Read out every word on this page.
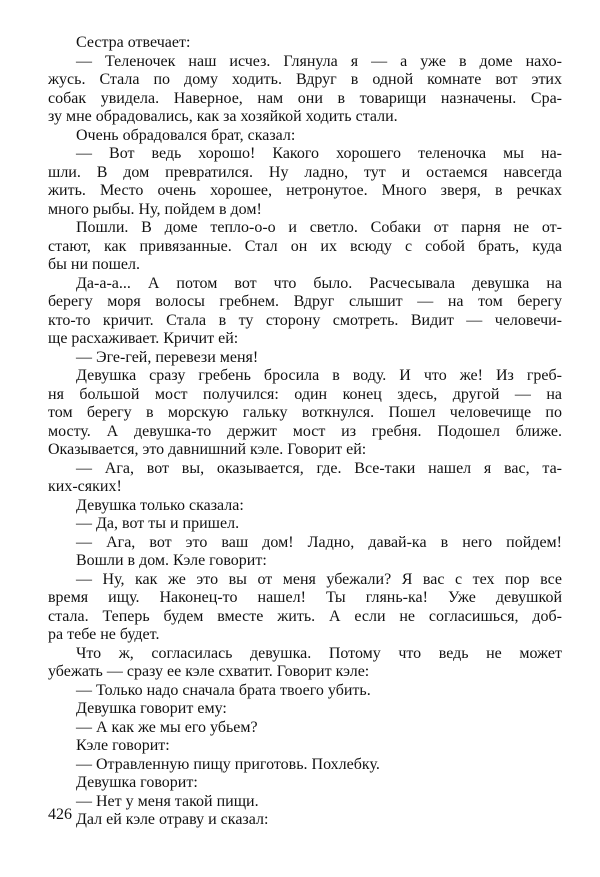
Сестра отвечает:
— Теленочек наш исчез. Глянула я — а уже в доме нахо-
жусь. Стала по дому ходить. Вдруг в одной комнате вот этих
собак увидела. Наверное, нам они в товарищи назначены. Сра-
зу мне обрадовались, как за хозяйкой ходить стали.
Очень обрадовался брат, сказал:
— Вот ведь хорошо! Какого хорошего теленочка мы на-
шли. В дом превратился. Ну ладно, тут и остаемся навсегда
жить. Место очень хорошее, нетронутое. Много зверя, в речках
много рыбы. Ну, пойдем в дом!
Пошли. В доме тепло-о-о и светло. Собаки от парня не от-
стают, как привязанные. Стал он их всюду с собой брать, куда
бы ни пошел.
Да-а-а... А потом вот что было. Расчесывала девушка на
берегу моря волосы гребнем. Вдруг слышит — на том берегу
кто-то кричит. Стала в ту сторону смотреть. Видит — человечи-
ще расхаживает. Кричит ей:
— Эге-гей, перевези меня!
Девушка сразу гребень бросила в воду. И что же! Из греб-
ня большой мост получился: один конец здесь, другой — на
том берегу в морскую гальку воткнулся. Пошел человечище по
мосту. А девушка-то держит мост из гребня. Подошел ближе.
Оказывается, это давнишний кэле. Говорит ей:
— Ага, вот вы, оказывается, где. Все-таки нашел я вас, та-
ких-сяких!
Девушка только сказала:
— Да, вот ты и пришел.
— Ага, вот это ваш дом! Ладно, давай-ка в него пойдем!
Вошли в дом. Кэле говорит:
— Ну, как же это вы от меня убежали? Я вас с тех пор все
время ищу. Наконец-то нашел! Ты глянь-ка! Уже девушкой
стала. Теперь будем вместе жить. А если не согласишься, доб-
ра тебе не будет.
Что ж, согласилась девушка. Потому что ведь не может
убежать — сразу ее кэле схватит. Говорит кэле:
— Только надо сначала брата твоего убить.
Девушка говорит ему:
— А как же мы его убьем?
Кэле говорит:
— Отравленную пищу приготовь. Похлебку.
Девушка говорит:
— Нет у меня такой пищи.
Дал ей кэле отраву и сказал:
426
